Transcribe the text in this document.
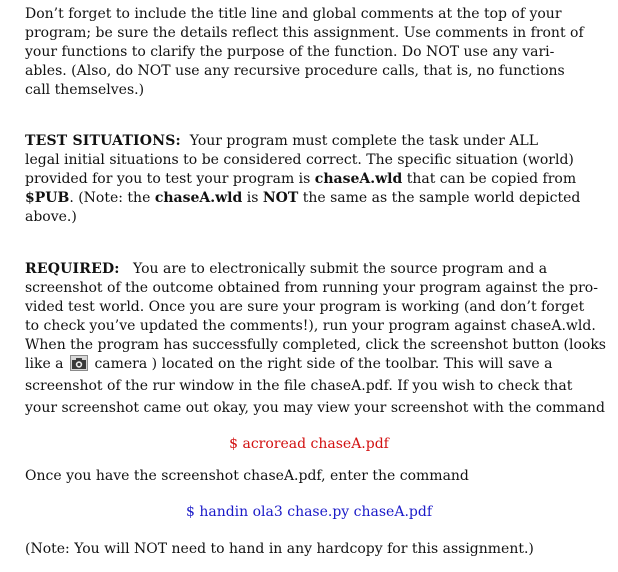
Don’t forget to include the title line and global comments at the top of your
program; be sure the details reflect this assignment. Use comments in front of
your functions to clarify the purpose of the function. Do NOT use any vari-
ables. (Also, do NOT use any recursive procedure calls, that is, no functions
call themselves.)
TEST SITUATIONS: Your program must complete the task under ALL
legal initial situations to be considered correct. The specific situation (world)
provided for you to test your program is chaseA.wld that can be copied from
$PUB. (Note: the chaseA.wld is NOT the same as the sample world depicted
above.)
REQUIRED: You are to electronically submit the source program and a
screenshot of the outcome obtained from running your program against the pro-
vided test world. Once you are sure your program is working (and don’t forget
to check you’ve updated the comments!), run your program against chaseA.wld.
When the program has successfully completed, click the screenshot button (looks
like a camera ) located on the right side of the toolbar. This will save a
screenshot of the rur window in the file chaseA.pdf. If you wish to check that
your screenshot came out okay, you may view your screenshot with the command
$ acroread chaseA.pdf
Once you have the screenshot chaseA.pdf, enter the command
$ handin ola3 chase.py chaseA.pdf
(Note: You will NOT need to hand in any hardcopy for this assignment.)
